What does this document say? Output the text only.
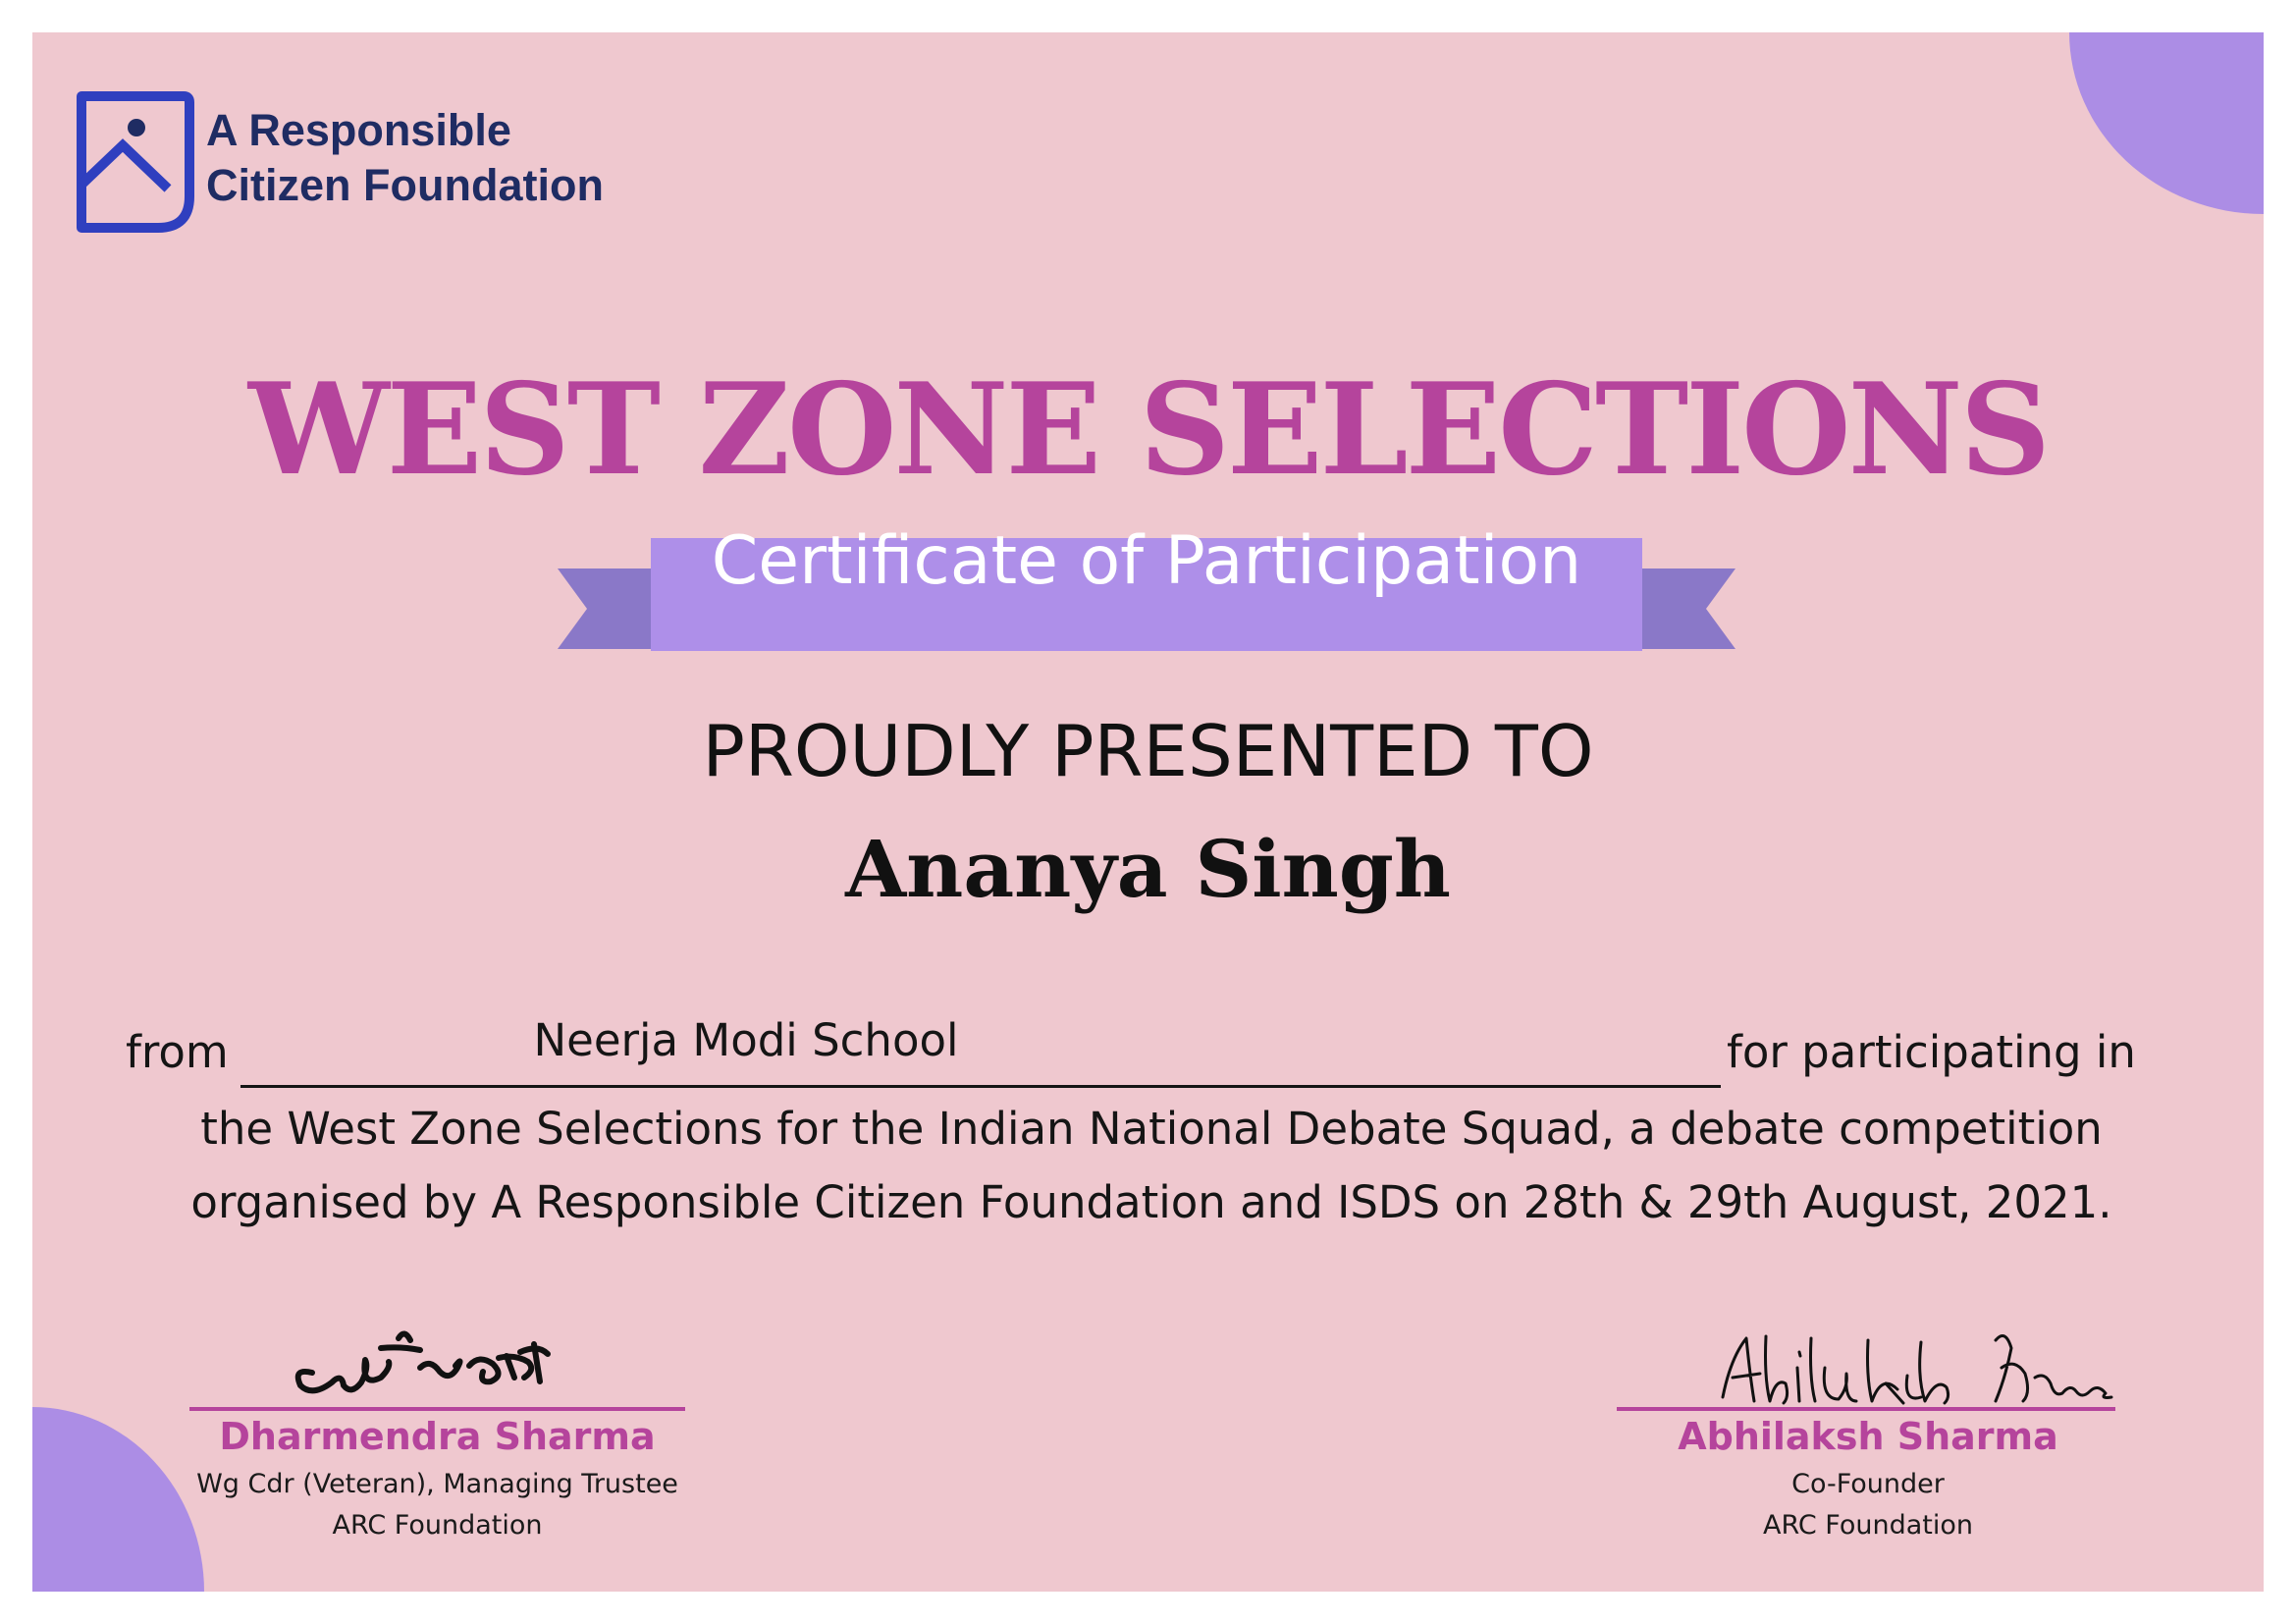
A Responsible
Citizen Foundation
WEST ZONE SELECTIONS
Certificate of Participation
PROUDLY PRESENTED TO
Ananya Singh
from	Neerja Modi School	for participating in
the West Zone Selections for the Indian National Debate Squad, a debate competition
organised by A Responsible Citizen Foundation and ISDS on 28th & 29th August, 2021.
Dharmendra Sharma
Wg Cdr (Veteran), Managing Trustee
ARC Foundation
Abhilaksh Sharma
Co-Founder
ARC Foundation
